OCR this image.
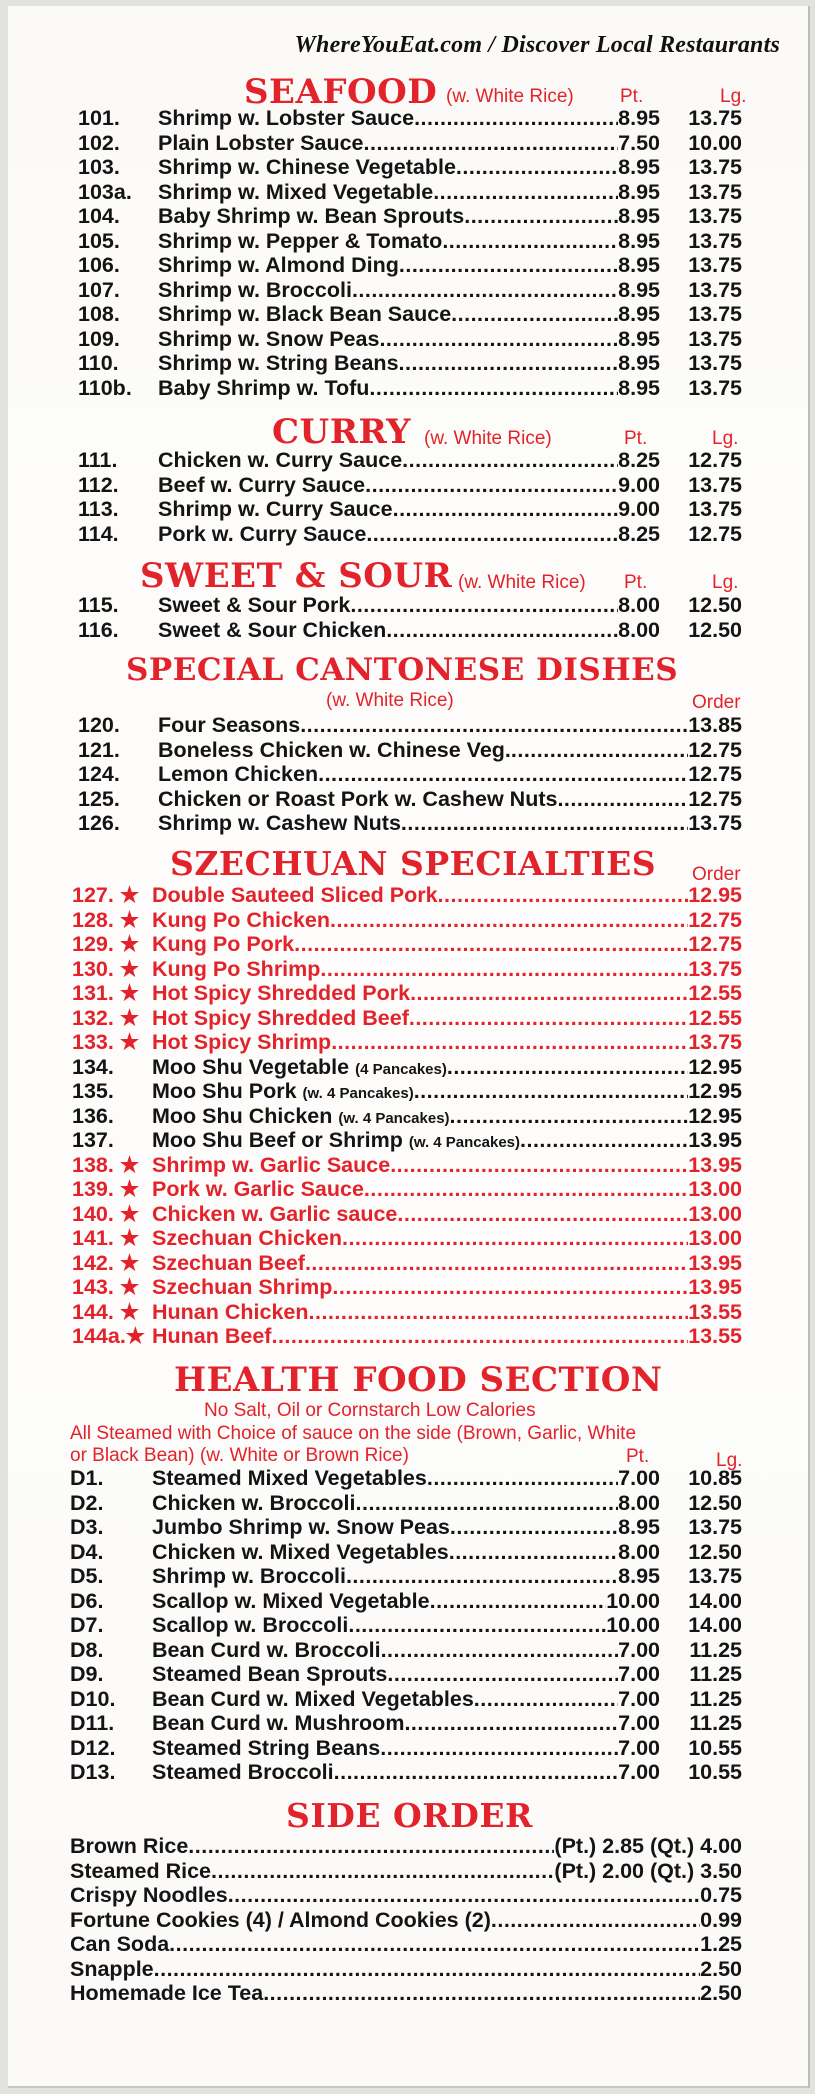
WhereYouEat.com / Discover Local Restaurants
SEAFOOD (w. White Rice) Pt.	Lg.
101.	Shrimp w. Lobster Sauce .....	8.95	13.75
102.	Plain Lobster Sauce .....	7.50	10.00
103.	Shrimp w. Chinese Vegetable .....	8.95	13.75
103a.	Shrimp w. Mixed Vegetable .....	8.95	13.75
104.	Baby Shrimp w. Bean Sprouts .....	8.95	13.75
105.	Shrimp w. Pepper & Tomato .....	8.95	13.75
106.	Shrimp w. Almond Ding .....	8.95	13.75
107.	Shrimp w. Broccoli .....	8.95	13.75
108.	Shrimp w. Black Bean Sauce .....	8.95	13.75
109.	Shrimp w. Snow Peas .....	8.95	13.75
110.	Shrimp w. String Beans .....	8.95	13.75
110b.	Baby Shrimp w. Tofu .....	8.95	13.75
CURRY (w. White Rice)	Pt.	Lg.
111.	Chicken w. Curry Sauce .....	8.25	12.75
112.	Beef w. Curry Sauce .....	9.00	13.75
113.	Shrimp w. Curry Sauce .....	9.00	13.75
114.	Pork w. Curry Sauce .....	8.25	12.75
SWEET & SOUR (w. White Rice) Pt.	Lg.
115.	Sweet & Sour Pork .....	8.00	12.50
116.	Sweet & Sour Chicken .....	8.00	12.50
SPECIAL CANTONESE DISHES
(w. White Rice)	Order
120.	Four Seasons .....	13.85
121.	Boneless Chicken w. Chinese Veg. .....	12.75
124.	Lemon Chicken .....	12.75
125.	Chicken or Roast Pork w. Cashew Nuts .....	12.75
126.	Shrimp w. Cashew Nuts .....	13.75
SZECHUAN SPECIALTIES Order
127. ★ Double Sauteed Sliced Pork .....	12.95
128. ★ Kung Po Chicken .....	12.75
129. ★ Kung Po Pork .....	12.75
130. ★ Kung Po Shrimp .....	13.75
131. ★ Hot Spicy Shredded Pork .....	12.55
132. ★ Hot Spicy Shredded Beef .....	12.55
133. ★ Hot Spicy Shrimp .....	13.75
134.	Moo Shu Vegetable (4 Pancakes) .....	12.95
135.	Moo Shu Pork (w. 4 Pancakes) .....	12.95
136.	Moo Shu Chicken (w. 4 Pancakes) .....	12.95
137.	Moo Shu Beef or Shrimp (w. 4 Pancakes) .....	13.95
138. ★ Shrimp w. Garlic Sauce .....	13.95
139. ★ Pork w. Garlic Sauce .....	13.00
140. ★ Chicken w. Garlic sauce .....	13.00
141. ★ Szechuan Chicken .....	13.00
142. ★ Szechuan Beef .....	13.95
143. ★ Szechuan Shrimp .....	13.95
144. ★ Hunan Chicken .....	13.55
144a.★ Hunan Beef .....	13.55
HEALTH FOOD SECTION
No Salt, Oil or Cornstarch Low Calories
All Steamed with Choice of sauce on the side (Brown, Garlic, White
or Black Bean) (w. White or Brown Rice)	Pt.	Lg.
D1.	Steamed Mixed Vegetables .....	7.00	10.85
D2.	Chicken w. Broccoli .....	8.00	12.50
D3.	Jumbo Shrimp w. Snow Peas .....	8.95	13.75
D4.	Chicken w. Mixed Vegetables .....	8.00	12.50
D5.	Shrimp w. Broccoli .....	8.95	13.75
D6.	Scallop w. Mixed Vegetable .....	10.00	14.00
D7.	Scallop w. Broccoli .....	10.00	14.00
D8.	Bean Curd w. Broccoli .....	7.00	11.25
D9.	Steamed Bean Sprouts .....	7.00	11.25
D10.	Bean Curd w. Mixed Vegetables .....	7.00	11.25
D11.	Bean Curd w. Mushroom .....	7.00	11.25
D12.	Steamed String Beans .....	7.00	10.55
D13.	Steamed Broccoli .....	7.00	10.55
SIDE ORDER
Brown Rice .....	(Pt.) 2.85 (Qt.) 4.00
Steamed Rice .....	(Pt.) 2.00 (Qt.) 3.50
Crispy Noodles .....	0.75
Fortune Cookies (4) / Almond Cookies (2) .....	0.99
Can Soda .....	1.25
Snapple .....	2.50
Homemade Ice Tea .....	2.50
